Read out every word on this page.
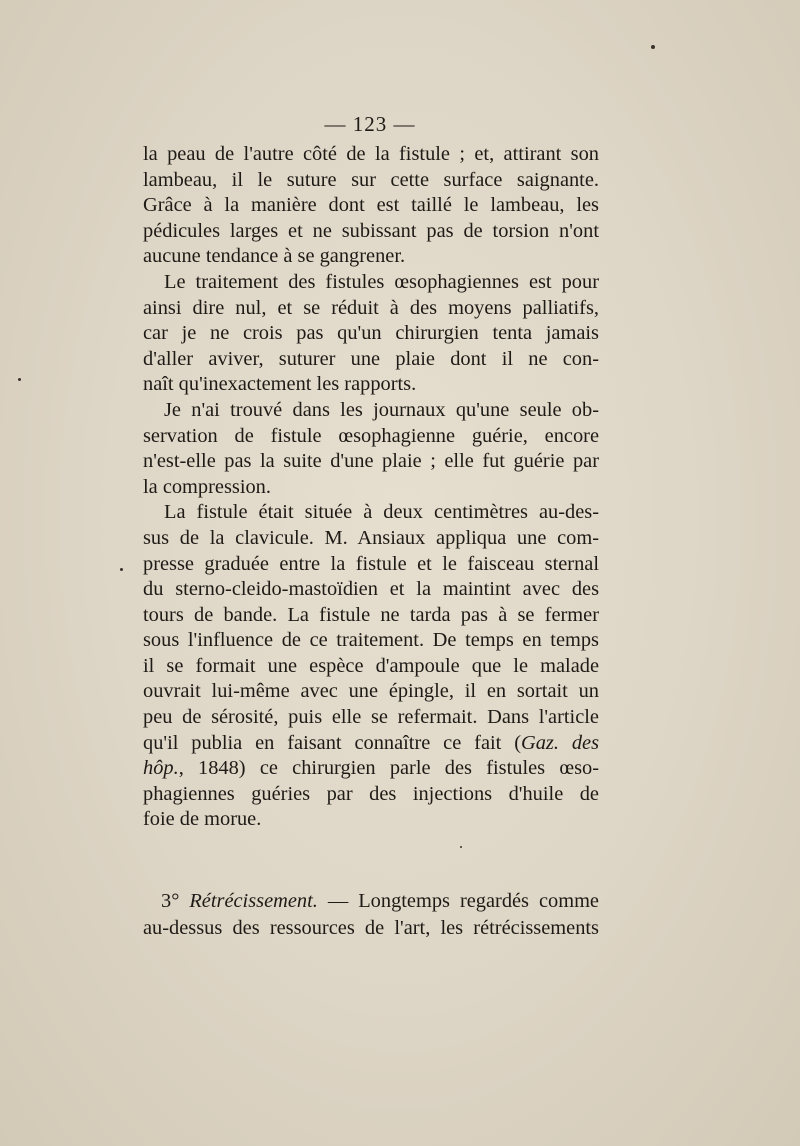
— 123 —
la peau de l'autre côté de la fistule ; et, attirant son
lambeau, il le suture sur cette surface saignante.
Grâce à la manière dont est taillé le lambeau, les
pédicules larges et ne subissant pas de torsion n'ont
aucune tendance à se gangrener.
Le traitement des fistules œsophagiennes est pour
ainsi dire nul, et se réduit à des moyens palliatifs,
car je ne crois pas qu'un chirurgien tenta jamais
d'aller aviver, suturer une plaie dont il ne con-
naît qu'inexactement les rapports.
Je n'ai trouvé dans les journaux qu'une seule ob-
servation de fistule œsophagienne guérie, encore
n'est-elle pas la suite d'une plaie ; elle fut guérie par
la compression.
La fistule était située à deux centimètres au-des-
sus de la clavicule. M. Ansiaux appliqua une com-
presse graduée entre la fistule et le faisceau sternal
du sterno-cleido-mastoïdien et la maintint avec des
tours de bande. La fistule ne tarda pas à se fermer
sous l'influence de ce traitement. De temps en temps
il se formait une espèce d'ampoule que le malade
ouvrait lui-même avec une épingle, il en sortait un
peu de sérosité, puis elle se refermait. Dans l'article
qu'il publia en faisant connaître ce fait (Gaz. des
hôp., 1848) ce chirurgien parle des fistules œso-
phagiennes guéries par des injections d'huile de
foie de morue.
3° Rétrécissement. — Longtemps regardés comme
au-dessus des ressources de l'art, les rétrécissements
